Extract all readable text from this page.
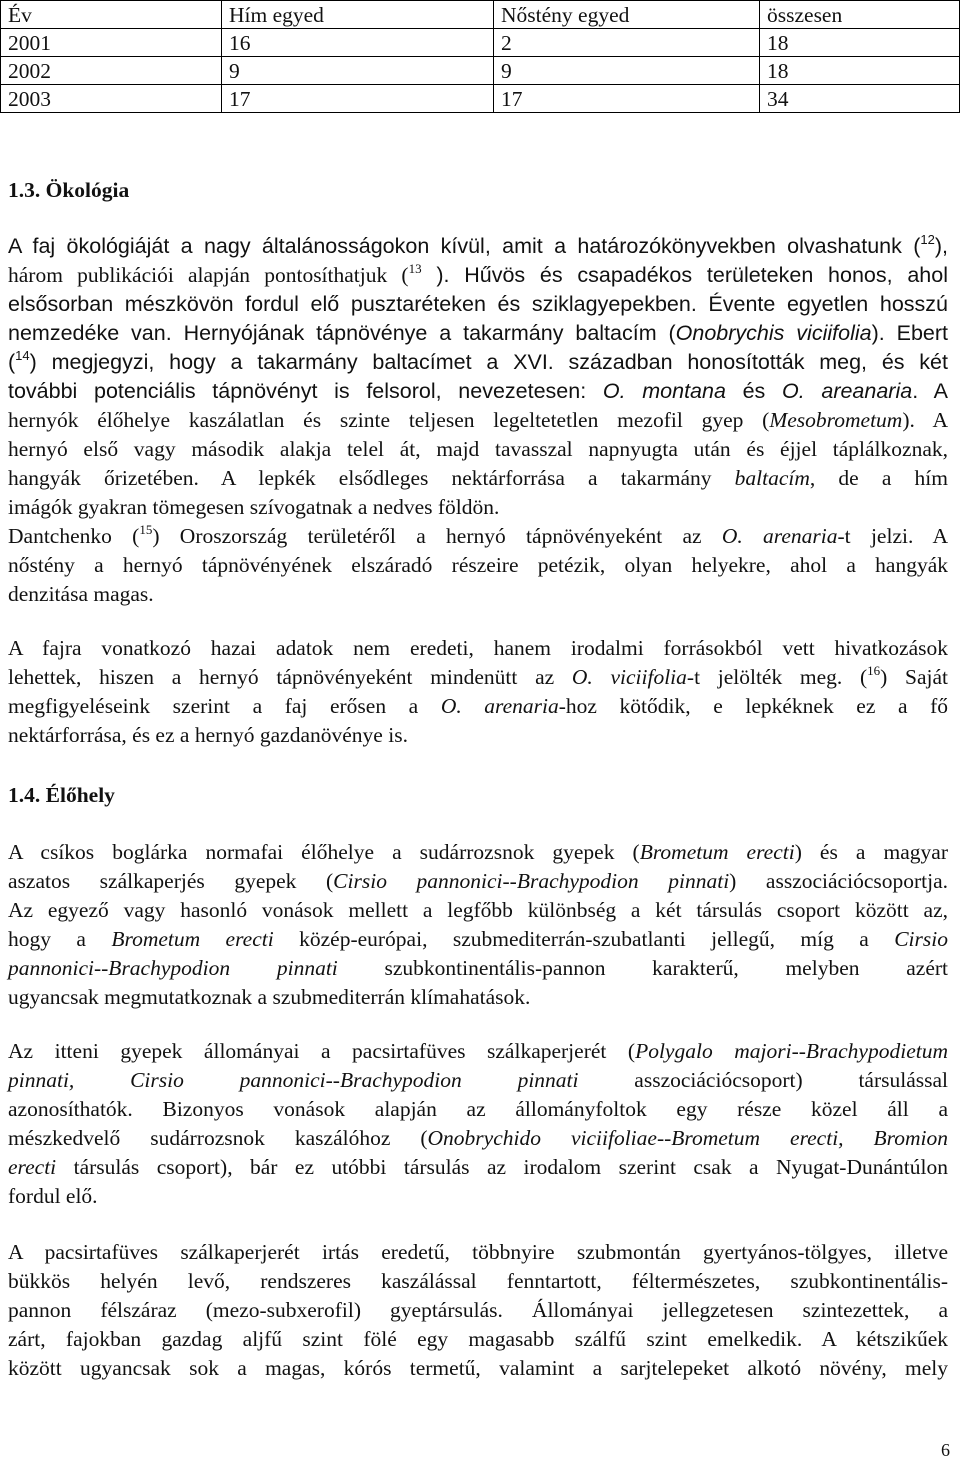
Év	Hím egyed	Nőstény egyed	összesen
2001	16	2	18
2002	9	9	18
2003	17	17	34
1.3. Ökológia
A faj ökológiáját a nagy általánosságokon kívül, amit a határozókönyvekben olvashatunk ($^{12}$),
három publikációi alapján pontosíthatjuk ($^{13}$ ). Hűvös és csapadékos területeken honos, ahol
elsősorban mészkövön fordul elő pusztaréteken és sziklagyepekben. Évente egyetlen hosszú
nemzedéke van. Hernyójának tápnövénye a takarmány baltacím (Onobrychis viciifolia). Ebert
($^{14}$) megjegyzi, hogy a takarmány baltacímet a XVI. században honosították meg, és két
további potenciális tápnövényt is felsorol, nevezetesen: O. montana és O. areanaria. A
hernyók élőhelye kaszálatlan és szinte teljesen legeltetetlen mezofil gyep (Mesobrometum). A
hernyó első vagy második alakja telel át, majd tavasszal napnyugta után és éjjel táplálkoznak,
hangyák őrizetében. A lepkék elsődleges nektárforrása a takarmány baltacím, de a hím
imágók gyakran tömegesen szívogatnak a nedves földön.
Dantchenko ($^{15}$) Oroszország területéről a hernyó tápnövényeként az O. arenaria-t jelzi. A
nőstény a hernyó tápnövényének elszáradó részeire petézik, olyan helyekre, ahol a hangyák
denzitása magas.
A fajra vonatkozó hazai adatok nem eredeti, hanem irodalmi forrásokból vett hivatkozások
lehettek, hiszen a hernyó tápnövényeként mindenütt az O. viciifolia-t jelölték meg. ($^{16}$) Saját
megfigyeléseink szerint a faj erősen a O. arenaria-hoz kötődik, e lepkéknek ez a fő
nektárforrása, és ez a hernyó gazdanövénye is.
1.4. Élőhely
A csíkos boglárka normafai élőhelye a sudárrozsnok gyepek (Brometum erecti) és a magyar
aszatos szálkaperjés gyepek (Cirsio pannonici--Brachypodion pinnati) asszociációcsoportja.
Az egyező vagy hasonló vonások mellett a legfőbb különbség a két társulás csoport között az,
hogy a Brometum erecti közép-európai, szubmediterrán-szubatlanti jellegű, míg a Cirsio
pannonici--Brachypodion pinnati szubkontinentális-pannon karakterű, melyben azért
ugyancsak megmutatkoznak a szubmediterrán klímahatások.
Az itteni gyepek állományai a pacsirtafüves szálkaperjerét (Polygalo majori--Brachypodietum
pinnati, Cirsio pannonici--Brachypodion pinnati asszociációcsoport) társulással
azonosíthatók. Bizonyos vonások alapján az állományfoltok egy része közel áll a
mészkedvelő sudárrozsnok kaszálóhoz (Onobrychido viciifoliae--Brometum erecti, Bromion
erecti társulás csoport), bár ez utóbbi társulás az irodalom szerint csak a Nyugat-Dunántúlon
fordul elő.
A pacsirtafüves szálkaperjerét irtás eredetű, többnyire szubmontán gyertyános-tölgyes, illetve
bükkös helyén levő, rendszeres kaszálással fenntartott, féltermészetes, szubkontinentális-
pannon félszáraz (mezo-subxerofil) gyeptársulás. Állományai jellegzetesen szintezettek, a
zárt, fajokban gazdag aljfű szint fölé egy magasabb szálfű szint emelkedik. A kétszikűek
között ugyancsak sok a magas, kórós termetű, valamint a sarjtelepeket alkotó növény, mely
6
